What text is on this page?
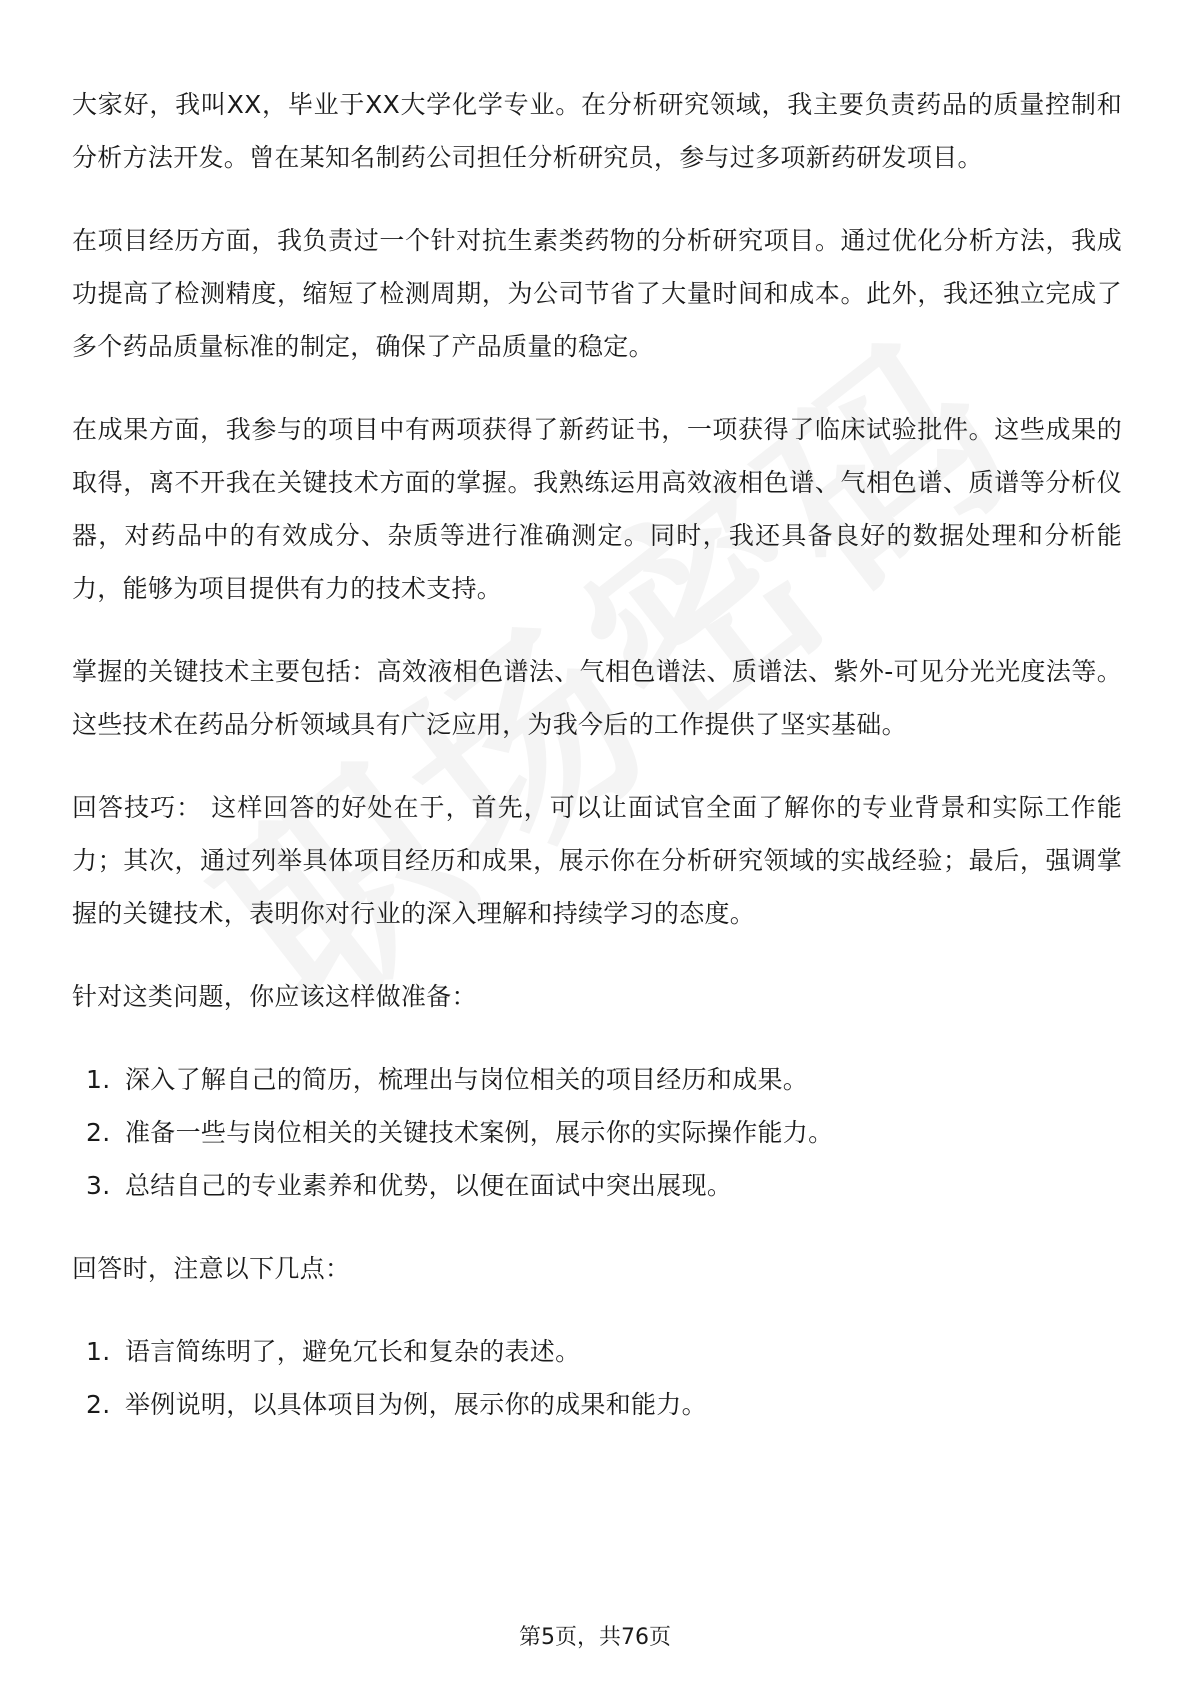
大家好，我叫XX，毕业于XX大学化学专业。在分析研究领域，我主要负责药品的质量控制和分析方法开发。曾在某知名制药公司担任分析研究员，参与过多项新药研发项目。

在项目经历方面，我负责过一个针对抗生素类药物的分析研究项目。通过优化分析方法，我成功提高了检测精度，缩短了检测周期，为公司节省了大量时间和成本。此外，我还独立完成了多个药品质量标准的制定，确保了产品质量的稳定。

在成果方面，我参与的项目中有两项获得了新药证书，一项获得了临床试验批件。这些成果的取得，离不开我在关键技术方面的掌握。我熟练运用高效液相色谱、气相色谱、质谱等分析仪器，对药品中的有效成分、杂质等进行准确测定。同时，我还具备良好的数据处理和分析能力，能够为项目提供有力的技术支持。

掌握的关键技术主要包括：高效液相色谱法、气相色谱法、质谱法、紫外-可见分光光度法等。这些技术在药品分析领域具有广泛应用，为我今后的工作提供了坚实基础。

回答技巧： 这样回答的好处在于，首先，可以让面试官全面了解你的专业背景和实际工作能力；其次，通过列举具体项目经历和成果，展示你在分析研究领域的实战经验；最后，强调掌握的关键技术，表明你对行业的深入理解和持续学习的态度。

针对这类问题，你应该这样做准备：

1. 深入了解自己的简历，梳理出与岗位相关的项目经历和成果。
2. 准备一些与岗位相关的关键技术案例，展示你的实际操作能力。
3. 总结自己的专业素养和优势，以便在面试中突出展现。

回答时，注意以下几点：

1. 语言简练明了，避免冗长和复杂的表述。
2. 举例说明，以具体项目为例，展示你的成果和能力。
第5页，共76页
